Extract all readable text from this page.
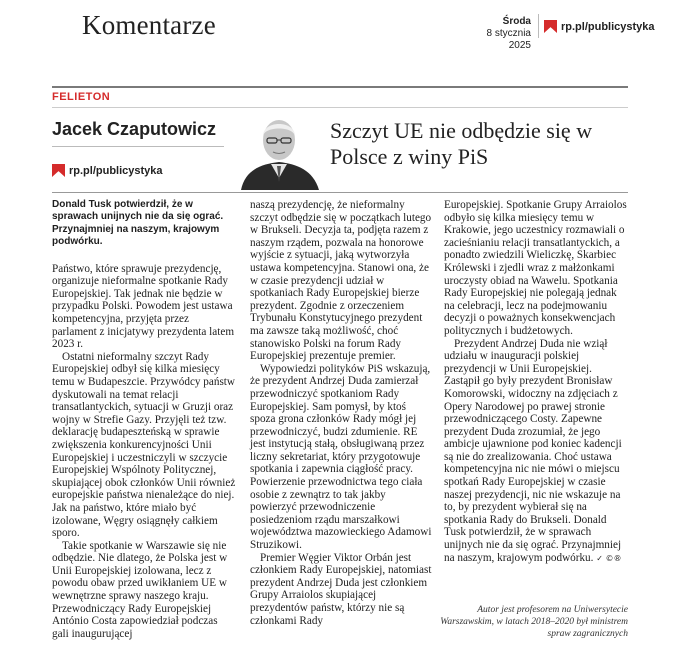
Komentarze	Środa
8 stycznia 2025
rp.pl/publicystyka
FELIETON
Jacek Czaputowicz
rp.pl/publicystyka
Szczyt UE nie odbędzie się w Polsce z winy PiS

Donald Tusk potwierdził, że w sprawach unijnych nie da się ograć. Przynajmniej na naszym, krajowym podwórku.

Państwo, które sprawuje prezydencję, organizuje nieformalne spotkanie Rady Europejskiej. Tak jednak nie będzie w przypadku Polski. Powodem jest ustawa kompetencyjna, przyjęta przez parlament z inicjatywy prezydenta latem 2023 r.

Ostatni nieformalny szczyt Rady Europejskiej odbył się kilka miesięcy temu w Budapeszcie. Przywódcy państw dyskutowali na temat relacji transatlantyckich, sytuacji w Gruzji oraz wojny w Strefie Gazy. Przyjęli też tzw. deklarację budapeszteńską w sprawie zwiększenia konkurencyjności Unii Europejskiej i uczestniczyli w szczycie Europejskiej Wspólnoty Politycznej, skupiającej obok członków Unii również europejskie państwa nienależące do niej. Jak na państwo, które miało być izolowane, Węgry osiągnęły całkiem sporo.

Takie spotkanie w Warszawie się nie odbędzie. Nie dlatego, że Polska jest w Unii Europejskiej izolowana, lecz z powodu obaw przed uwikłaniem UE w wewnętrzne sprawy naszego kraju. Przewodniczący Rady Europejskiej António Costa zapowiedział podczas gali inaugurującej

naszą prezydencję, że nieformalny szczyt odbędzie się w początkach lutego w Brukseli. Decyzja ta, podjęta razem z naszym rządem, pozwala na honorowe wyjście z sytuacji, jaką wytworzyła ustawa kompetencyjna. Stanowi ona, że w czasie prezydencji udział w spotkaniach Rady Europejskiej bierze prezydent. Zgodnie z orzeczeniem Trybunału Konstytucyjnego prezydent ma zawsze taką możliwość, choć stanowisko Polski na forum Rady Europejskiej prezentuje premier.

Wypowiedzi polityków PiS wskazują, że prezydent Andrzej Duda zamierzał przewodniczyć spotkaniom Rady Europejskiej. Sam pomysł, by ktoś spoza grona członków Rady mógł jej przewodniczyć, budzi zdumienie. RE jest instytucją stałą, obsługiwaną przez liczny sekretariat, który przygotowuje spotkania i zapewnia ciągłość pracy. Powierzenie przewodnictwa tego ciała osobie z zewnątrz to tak jakby powierzyć przewodniczenie posiedzeniom rządu marszałkowi województwa mazowieckiego Adamowi Struzikowi.

Premier Węgier Viktor Orbán jest członkiem Rady Europejskiej, natomiast prezydent Andrzej Duda jest członkiem Grupy Arraiolos skupiającej prezydentów państw, którzy nie są członkami Rady

Europejskiej. Spotkanie Grupy Arraiolos odbyło się kilka miesięcy temu w Krakowie, jego uczestnicy rozmawiali o zacieśnianiu relacji transatlantyckich, a ponadto zwiedzili Wieliczkę, Skarbiec Królewski i zjedli wraz z małżonkami uroczysty obiad na Wawelu. Spotkania Rady Europejskiej nie polegają jednak na celebracji, lecz na podejmowaniu decyzji o poważnych konsekwencjach politycznych i budżetowych.

Prezydent Andrzej Duda nie wziął udziału w inauguracji polskiej prezydencji w Unii Europejskiej. Zastąpił go były prezydent Bronisław Komorowski, widoczny na zdjęciach z Opery Narodowej po prawej stronie przewodniczącego Costy. Zapewne prezydent Duda zrozumiał, że jego ambicje ujawnione pod koniec kadencji są nie do zrealizowania. Choć ustawa kompetencyjna nic nie mówi o miejscu spotkań Rady Europejskiej w czasie naszej prezydencji, nic nie wskazuje na to, by prezydent wybierał się na spotkania Rady do Brukseli. Donald Tusk potwierdził, że w sprawach unijnych nie da się ograć. Przynajmniej na naszym, krajowym podwórku. ✓ ©®

Autor jest profesorem na Uniwersytecie Warszawskim, w latach 2018–2020 był ministrem spraw zagranicznych
